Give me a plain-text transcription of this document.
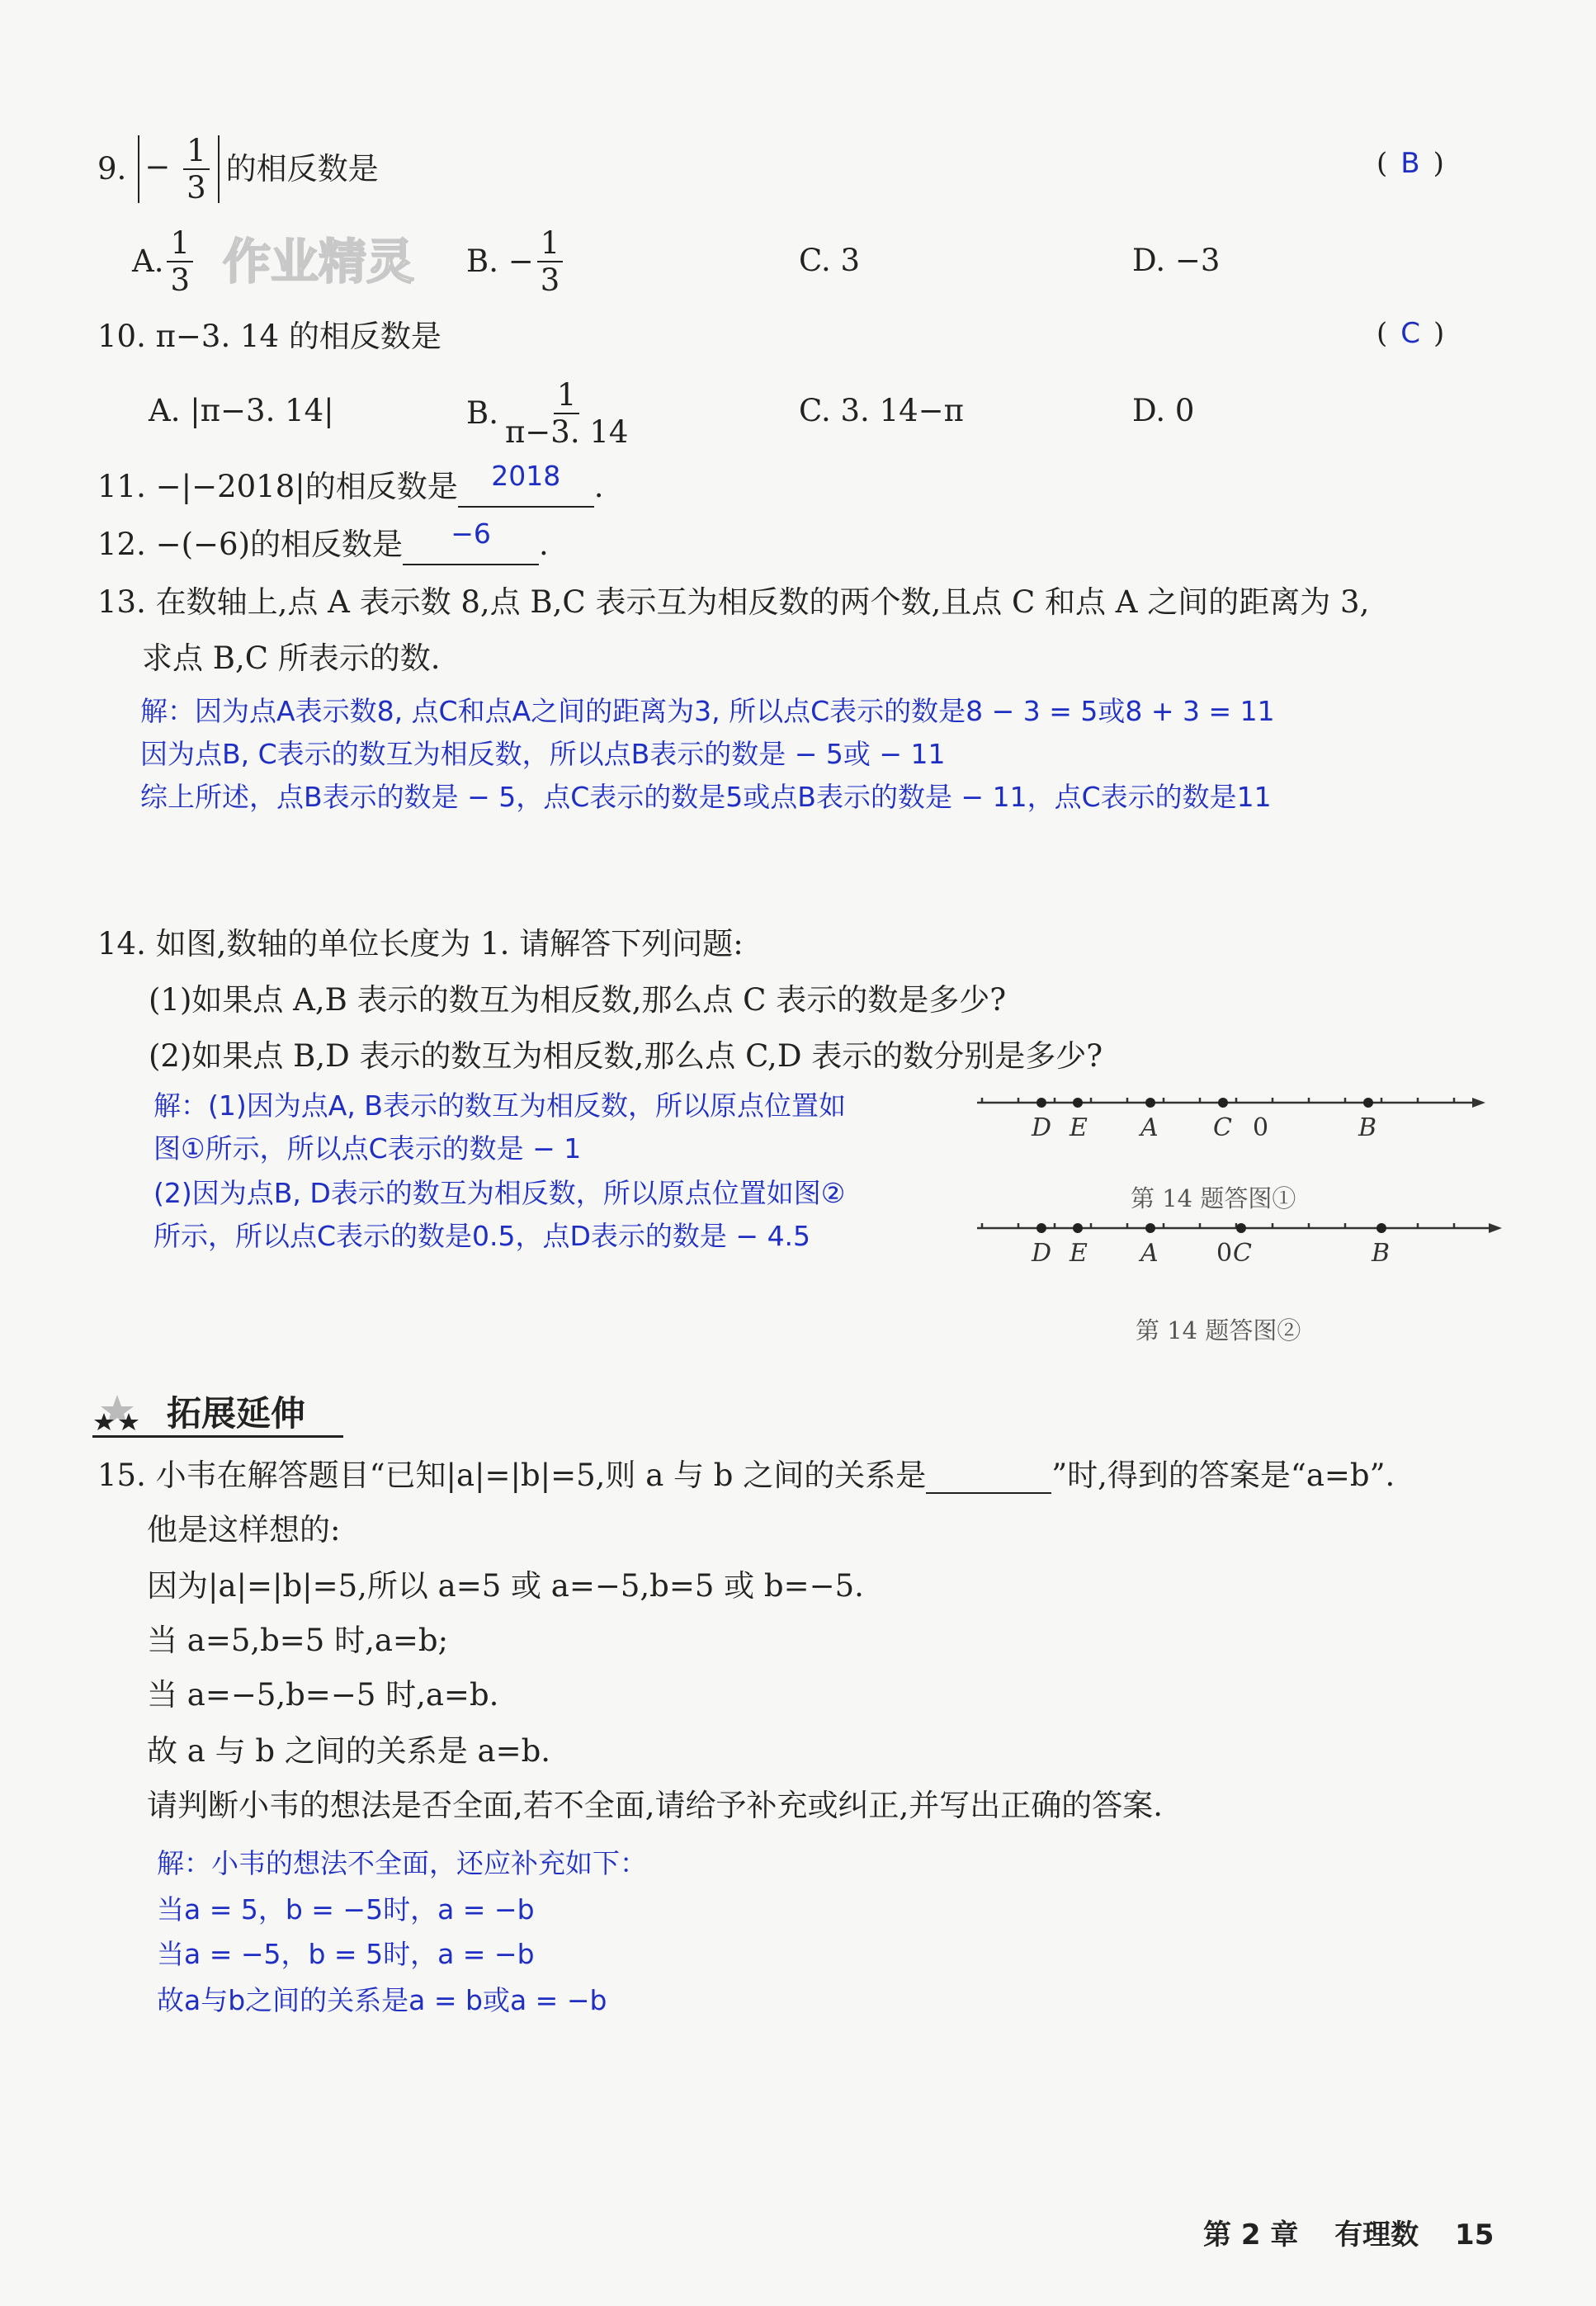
作业精灵
9. − $\frac{1}{3}$ 的相反数是	( B )
A. $\frac{1}{3}$	B. − $\frac{1}{3}$	C. 3	D. −3
10. π−3. 14 的相反数是	( C )
A. |π−3. 14|	B. $\frac{1}{\pi-3. 14}$	C. 3. 14−π	D. 0
11. −|−2018|的相反数是 2018 .
12. −(−6)的相反数是 −6 .
13. 在数轴上,点 A 表示数 8,点 B,C 表示互为相反数的两个数,且点 C 和点 A 之间的距离为 3,
求点 B,C 所表示的数.
解：因为点A表示数8, 点C和点A之间的距离为3, 所以点C表示的数是8 − 3 = 5或8 + 3 = 11
因为点B, C表示的数互为相反数，所以点B表示的数是 − 5或 − 11
综上所述，点B表示的数是 − 5，点C表示的数是5或点B表示的数是 − 11，点C表示的数是11
14. 如图,数轴的单位长度为 1. 请解答下列问题:
(1)如果点 A,B 表示的数互为相反数,那么点 C 表示的数是多少?
(2)如果点 B,D 表示的数互为相反数,那么点 C,D 表示的数分别是多少?
解：(1)因为点A, B表示的数互为相反数，所以原点位置如
图①所示，所以点C表示的数是 − 1
(2)因为点B, D表示的数互为相反数，所以原点位置如图②
所示，所以点C表示的数是0.5，点D表示的数是 − 4.5
D E A C 0	B
第 14 题答图①
D E A 0 C	B
第 14 题答图②
拓展延伸
15. 小韦在解答题目“已知|a|=|b|=5,则 a 与 b 之间的关系是	”时,得到的答案是“a=b”.
他是这样想的:
因为|a|=|b|=5,所以 a=5 或 a=−5,b=5 或 b=−5.
当 a=5,b=5 时,a=b;
当 a=−5,b=−5 时,a=b.
故 a 与 b 之间的关系是 a=b.
请判断小韦的想法是否全面,若不全面,请给予补充或纠正,并写出正确的答案.
解：小韦的想法不全面，还应补充如下：
当a = 5，b = −5时，a = −b
当a = −5，b = 5时，a = −b
故a与b之间的关系是a = b或a = −b
第 2 章 有理数 15
